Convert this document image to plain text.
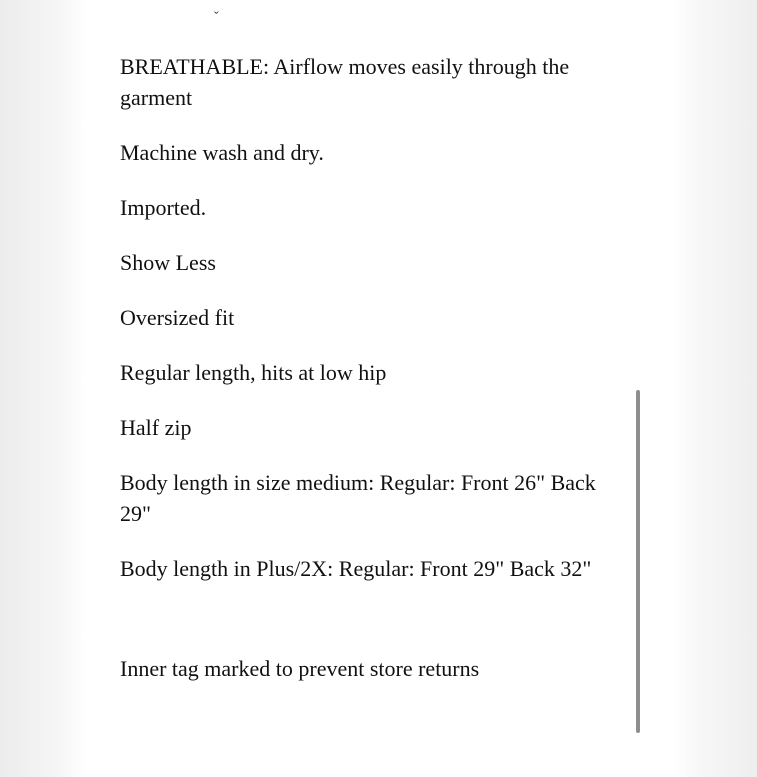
ˇ

BREATHABLE: Airflow moves easily through the garment

Machine wash and dry.

Imported.

Show Less

Oversized fit

Regular length, hits at low hip

Half zip

Body length in size medium: Regular: Front 26" Back 29"

Body length in Plus/2X: Regular: Front 29" Back 32"

Inner tag marked to prevent store returns
